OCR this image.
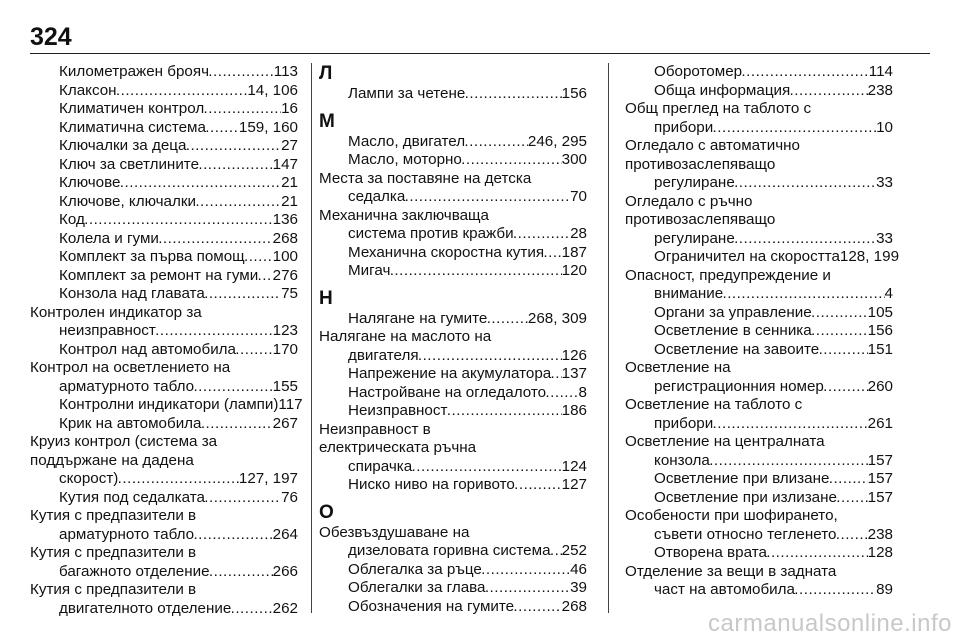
324
Километражен брояч .....	113
Клаксон .....	14, 106
Климатичен контрол .....	16
Климатична система ..... 159, 160
Ключалки за деца .....	27
Ключ за светлините .....	147
Ключове .....	21
Ключове, ключалки .....	21
Код .....	136
Колела и гуми .....	268
Комплект за първа помощ ..... 100
Комплект за ремонт на гуми ..... 276
Конзола над главата .....	75
Контролен индикатор за
неизправност .....	123
Контрол над автомобила ..... 170
Контрол на осветлението на
арматурното табло .....	155
Контролни индикатори (лампи) 117
Крик на автомобила .....	267
Круиз контрол (система за
поддържане на дадена
скорост) .....	127, 197
Кутия под седалката .....	76
Кутия с предпазители в
арматурното табло .....	264
Кутия с предпазители в
багажното отделение .....	266
Кутия с предпазители в
двигателното отделение .....	262
Л
Лампи за четене .....	156
М
Масло, двигател .....	246, 295
Масло, моторно .....	300
Места за поставяне на детска
седалка .....	70
Механична заключваща
система против кражби .....	28
Механична скоростна кутия ..... 187
Мигач .....	120
Н
Налягане на гумите .....	268, 309
Налягане на маслото на
двигателя .....	126
Напрежение на акумулатора ..... 137
Настройване на огледалото ..... 8
Неизправност .....	186
Неизправност в
електрическата ръчна
спирачка .....	124
Ниско ниво на горивото .....	127
О
Обезвъздушаване на
дизеловата горивна система ..... 252
Облегалка за ръце .....	46
Облегалки за глава .....	39
Обозначения на гумите .....	268
Оборотомер .....	114
Обща информация .....	238
Общ преглед на таблото с
прибори .....	10
Огледало с автоматично
противозаслепяващо
регулиране .....	33
Огледало с ръчно
противозаслепяващо
регулиране .....	33
Ограничител на скоростта 128, 199
Опасност, предупреждение и
внимание .....	4
Органи за управление .....	105
Осветление в сенника .....	156
Осветление на завоите .....	151
Осветление на
регистрационния номер .....	260
Осветление на таблото с
прибори .....	261
Осветление на централната
конзола .....	157
Осветление при влизане .....	157
Осветление при излизане ..... 157
Особености при шофирането,
съвети относно тегленето ..... 238
Отворена врата .....	128
Отделение за вещи в задната
част на автомобила .....	89
carmanualsonline.info
